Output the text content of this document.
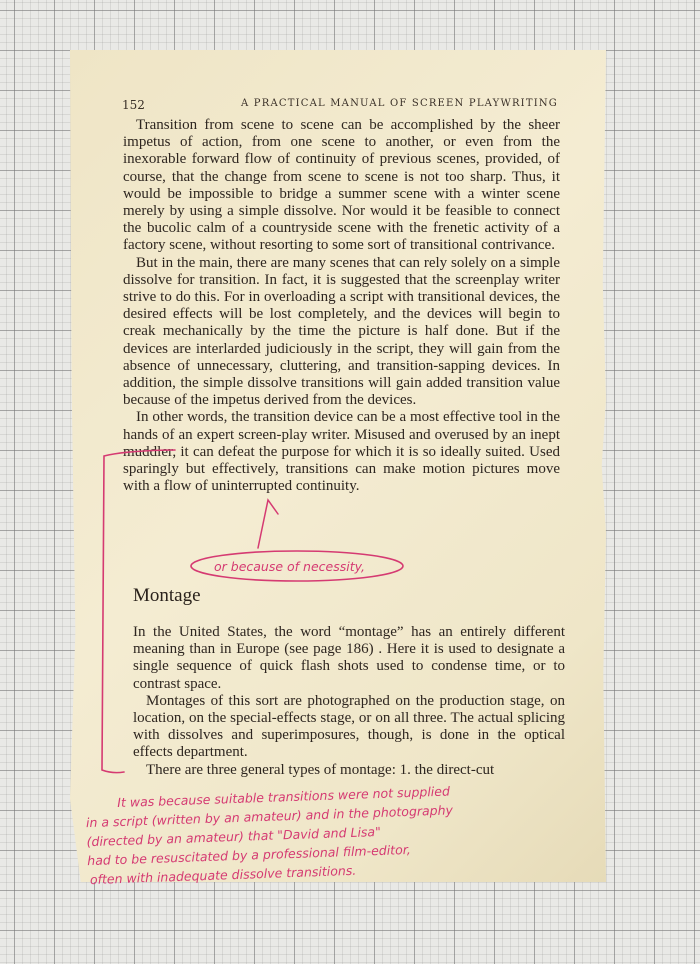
152	A PRACTICAL MANUAL OF SCREEN PLAYWRITING

Transition from scene to scene can be accomplished by the sheer impetus of action, from one scene to another, or even from the inexorable forward flow of continuity of previous scenes, provided, of course, that the change from scene to scene is not too sharp. Thus, it would be impossible to bridge a summer scene with a winter scene merely by using a simple dissolve. Nor would it be feasible to connect the bucolic calm of a countryside scene with the frenetic activity of a factory scene, without resorting to some sort of transitional contrivance.

But in the main, there are many scenes that can rely solely on a simple dissolve for transition. In fact, it is suggested that the screenplay writer strive to do this. For in overloading a script with transitional devices, the desired effects will be lost completely, and the devices will begin to creak mechanically by the time the picture is half done. But if the devices are interlarded judiciously in the script, they will gain from the absence of unnecessary, cluttering, and transition-sapping devices. In addition, the simple dissolve transitions will gain added transition value because of the impetus derived from the devices.

In other words, the transition device can be a most effective tool in the hands of an expert screen-play writer. Misused and overused by an inept muddler, it can defeat the purpose for which it is so ideally suited. Used sparingly but effectively, transitions can make motion pictures move with a flow of uninterrupted continuity.

Montage

In the United States, the word “montage” has an entirely different meaning than in Europe (see page 186) . Here it is used to designate a single sequence of quick flash shots used to condense time, or to contrast space.

Montages of this sort are photographed on the production stage, on location, on the special-effects stage, or on all three. The actual splicing with dissolves and superimposures, though, is done in the optical effects department.

There are three general types of montage: 1. the direct-cut

or because of necessity,
It was because suitable transitions were not supplied
in a script (written by an amateur) and in the photography
(directed by an amateur) that "David and Lisa"
had to be resuscitated by a professional film-editor,
often with inadequate dissolve transitions.
